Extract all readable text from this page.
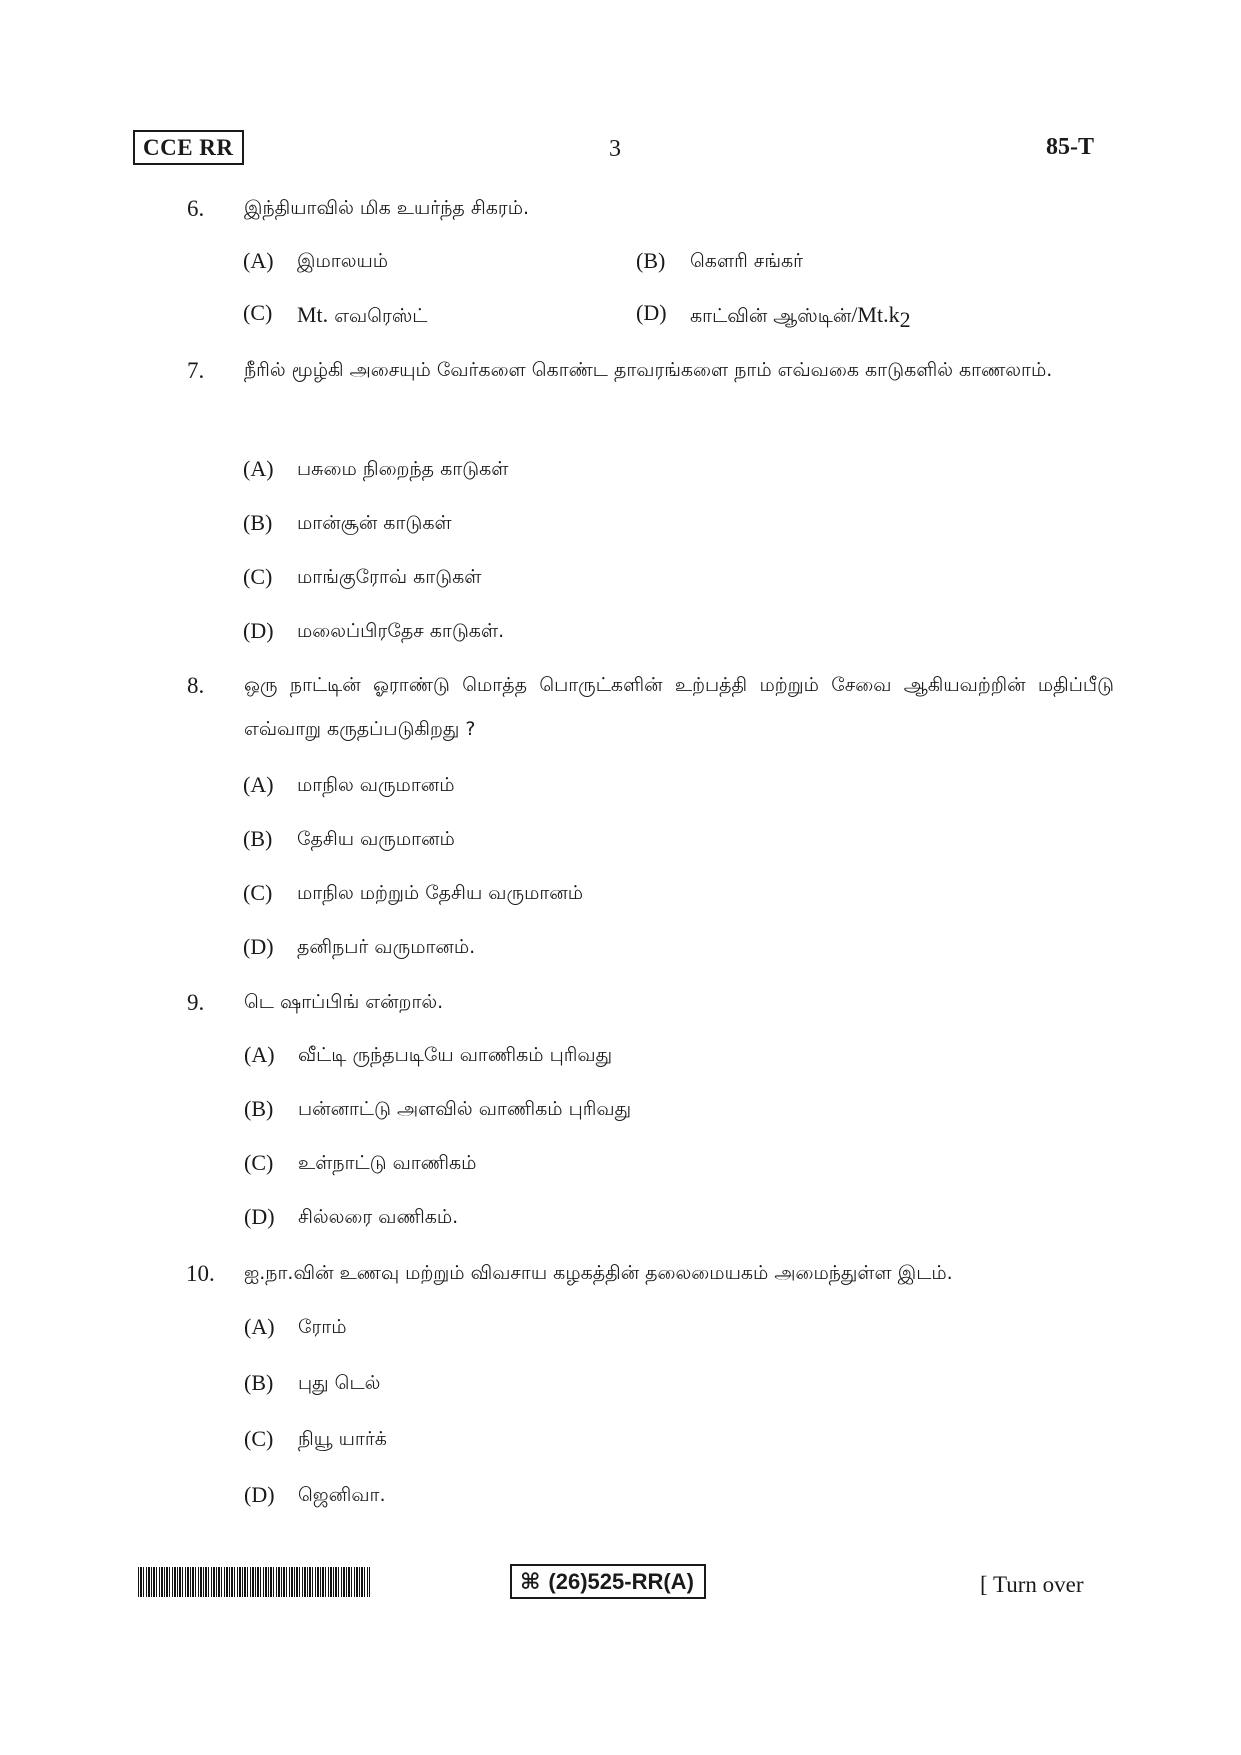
CCE RR	3	85-T
6. இந்தியாவில் மிக உயர்ந்த சிகரம்.
(A) இமாலயம்	(B) கௌரி சங்கர்
(C) Mt. எவரெஸ்ட்	(D) காட்வின் $ஆஸ்டின்/Mt.k_2$
7. நீரில் மூழ்கி அசையும் வேர்களை கொண்ட தாவரங்களை நாம் எவ்வகை காடுகளில் காணலாம்.
(A) பசுமை நிறைந்த காடுகள்
(B) மான்சூன் காடுகள்
(C) மாங்குரோவ் காடுகள்
(D) மலைப்பிரதேச காடுகள்.
8. ஒரு நாட்டின் ஓராண்டு மொத்த பொருட்களின் உற்பத்தி மற்றும் சேவை ஆகியவற்றின் மதிப்பீடு எவ்வாறு கருதப்படுகிறது ?
(A) மாநில வருமானம்
(B) தேசிய வருமானம்
(C) மாநில மற்றும் தேசிய வருமானம்
(D) தனிநபர் வருமானம்.
9. டெ ஷாப்பிங் என்றால்.
(A) வீட்டி ருந்தபடியே வாணிகம் புரிவது
(B) பன்னாட்டு அளவில் வாணிகம் புரிவது
(C) உள்நாட்டு வாணிகம்
(D) சில்லரை வணிகம்.
10. ஐ.நா.வின் உணவு மற்றும் விவசாய கழகத்தின் தலைமையகம் அமைந்துள்ள இடம்.
(A) ரோம்
(B) புது டெல்
(C) நியூ யார்க்
(D) ஜெனிவா.
⌘ (26)525-RR(A)	[ Turn over
